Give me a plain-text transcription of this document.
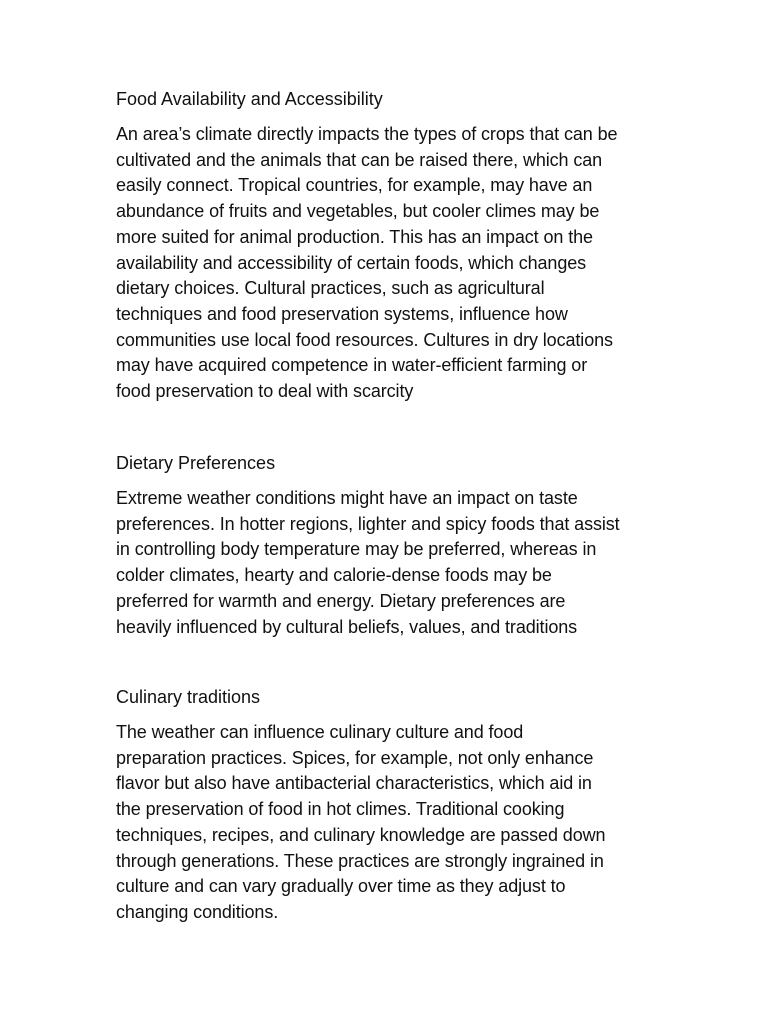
Food Availability and Accessibility

An area’s climate directly impacts the types of crops that can be
cultivated and the animals that can be raised there, which can
easily connect. Tropical countries, for example, may have an
abundance of fruits and vegetables, but cooler climes may be
more suited for animal production. This has an impact on the
availability and accessibility of certain foods, which changes
dietary choices. Cultural practices, such as agricultural
techniques and food preservation systems, influence how
communities use local food resources. Cultures in dry locations
may have acquired competence in water-efficient farming or
food preservation to deal with scarcity

Dietary Preferences

Extreme weather conditions might have an impact on taste
preferences. In hotter regions, lighter and spicy foods that assist
in controlling body temperature may be preferred, whereas in
colder climates, hearty and calorie-dense foods may be
preferred for warmth and energy. Dietary preferences are
heavily influenced by cultural beliefs, values, and traditions

Culinary traditions

The weather can influence culinary culture and food
preparation practices. Spices, for example, not only enhance
flavor but also have antibacterial characteristics, which aid in
the preservation of food in hot climes. Traditional cooking
techniques, recipes, and culinary knowledge are passed down
through generations. These practices are strongly ingrained in
culture and can vary gradually over time as they adjust to
changing conditions.
